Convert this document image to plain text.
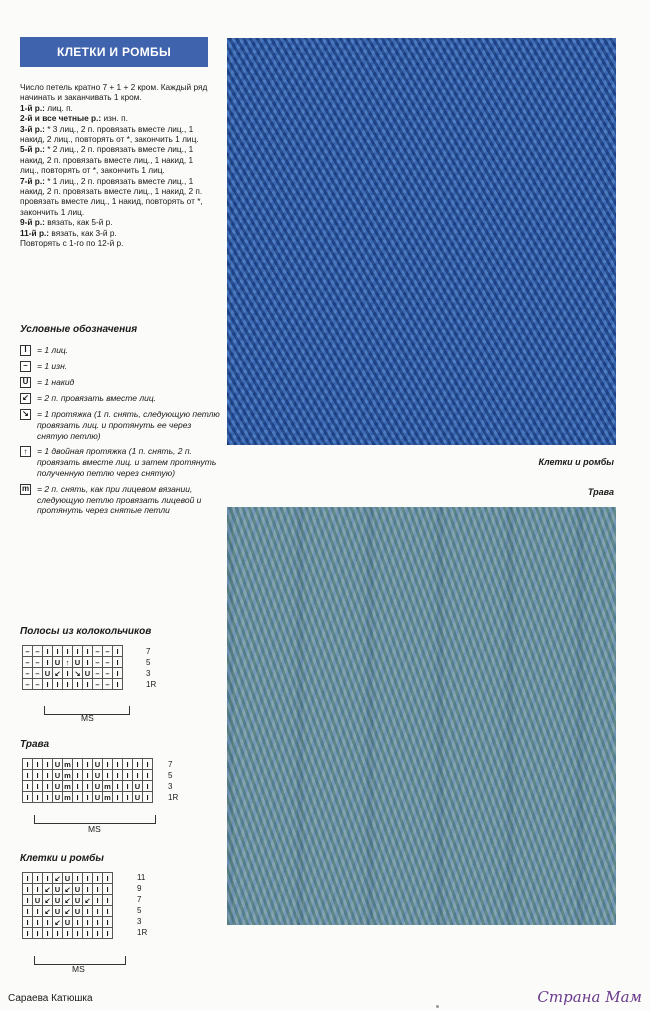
КЛЕТКИ И РОМБЫ

Число петель кратно 7 + 1 + 2 кром. Каждый ряд начинать и заканчивать 1 кром.

1-й р.: лиц. п.

2-й и все четные р.: изн. п.

3-й р.: * 3 лиц., 2 п. провязать вместе лиц., 1 накид, 2 лиц., повторять от *, закончить 1 лиц.

5-й р.: * 2 лиц., 2 п. провязать вместе лиц., 1 накид, 2 п. провязать вместе лиц., 1 накид, 1 лиц., повторять от *, закончить 1 лиц.

7-й р.: * 1 лиц., 2 п. провязать вместе лиц., 1 накид, 2 п. провязать вместе лиц., 1 накид, 2 п. провязать вместе лиц., 1 накид, повторять от *, закончить 1 лиц.

9-й р.: вязать, как 5-й р.

11-й р.: вязать, как 3-й р.

Повторять с 1-го по 12-й р.

Условные обозначения
I	= 1 лиц.
–	= 1 изн.
U	= 1 накид
↙ = 2 п. провязать вместе лиц.
↘ = 1 протяжка (1 п. снять, следующую петлю провязать лиц. и протянуть ее через снятую петлю)
↑	= 1 двойная протяжка (1 п. снять, 2 п. провязать вместе лиц. и затем протянуть полученную петлю через снятую)
m = 2 п. снять, как при лицевом вязании, следующую петлю провязать лицевой и протянуть через снятые петли
Полосы из колокольчиков
–	–	I	I	I	I	I	–	–	I
–	–	I	U	↑	U	I	–	–	I
–	–	U	↙	I	↘	U	–	–	I
–	–	I	I	I	I	I	–	–	I
7
5
3
1R
MS
Трава
I	I	I	U	m	I	I	U	I	I	I	I	I
I	I	I	U	m	I	I	U	I	I	I	I	I
I	I	I	U	m	I	I	U	m	I	I	U	I
I	I	I	U	m	I	I	U	m	I	I	U	I
7
5
3
1R
MS
Клетки и ромбы
I	I	I	↙	U	I	I	I	I
I	I	↙	U	↙	U	I	I	I
I	U	↙	U	↙	U	↙	I	I
I	I	↙	U	↙	U	I	I	I
I	I	I	↙	U	I	I	I	I
I	I	I	I	I	I	I	I	I
11
9
7
5
3
1R
MS
Клетки и ромбы
Трава
Сараева Катюшка	Страна Мам
